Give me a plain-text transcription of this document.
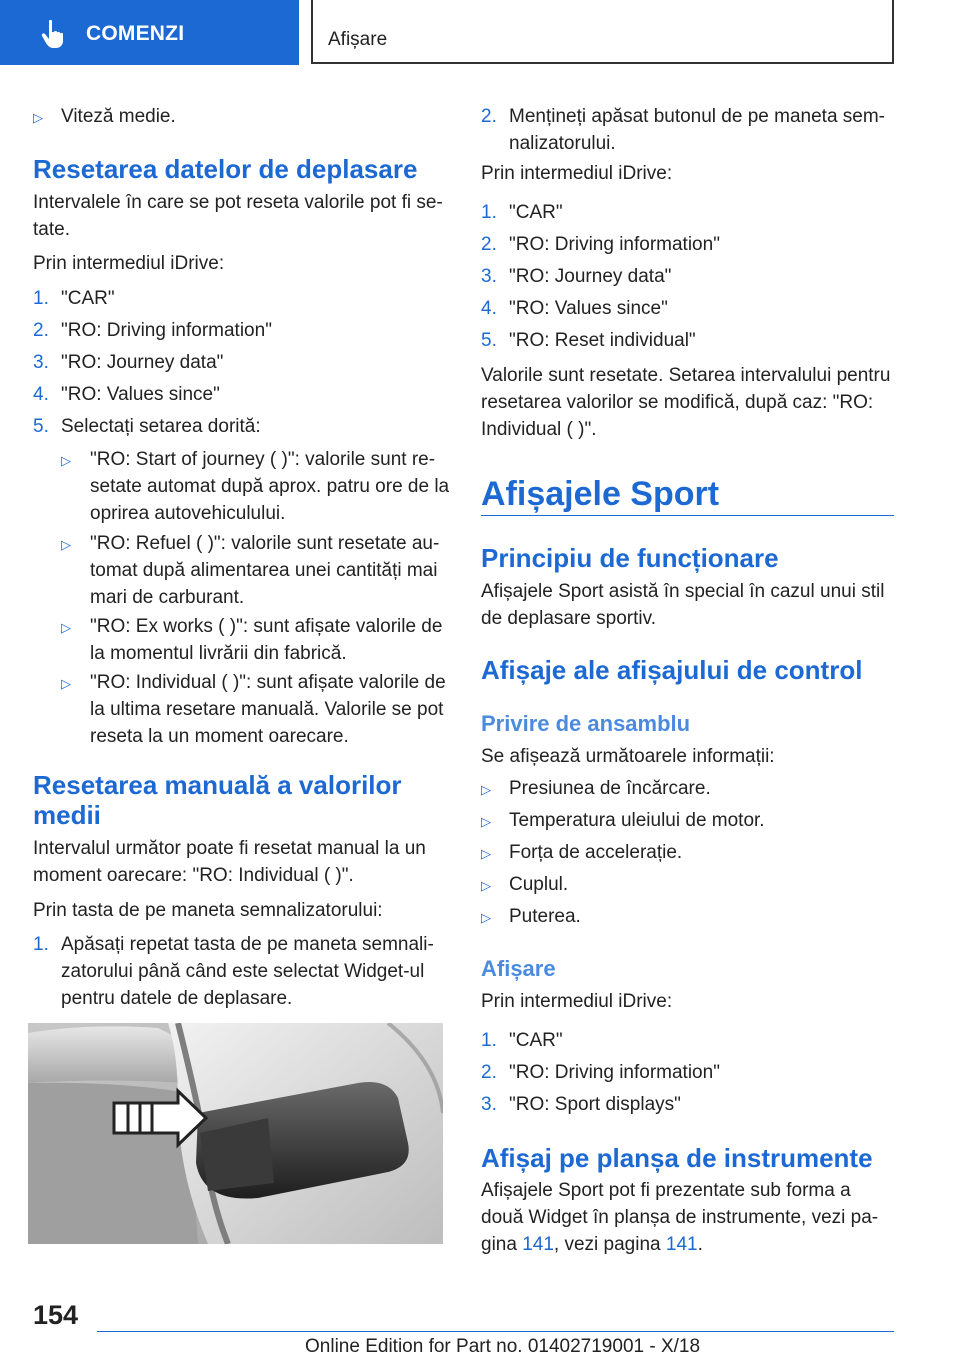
COMENZI	Afișare
▷ Viteză medie.
Resetarea datelor de deplasare

Intervalele în care se pot reseta valorile pot fi se‐

tate.

Prin intermediul iDrive:

1. "CAR"
2. "RO: Driving information"
3. "RO: Journey data"
4. "RO: Values since"
5. Selectați setarea dorită:
▷	"RO: Start of journey ( )": valorile sunt re‐
setate automat după aprox. patru ore de la
oprirea autovehiculului.
▷	"RO: Refuel ( )": valorile sunt resetate au‐
tomat după alimentarea unei cantități mai
mari de carburant.
▷	"RO: Ex works ( )": sunt afișate valorile de
la momentul livrării din fabrică.
▷	"RO: Individual ( )": sunt afișate valorile de
la ultima resetare manuală. Valorile se pot
reseta la un moment oarecare.
Resetarea manuală a valorilor
medii

Intervalul următor poate fi resetat manual la un

moment oarecare: "RO: Individual ( )".

Prin tasta de pe maneta semnalizatorului:

1. Apăsați repetat tasta de pe maneta semnali‐
zatorului până când este selectat Widget-ul
pentru datele de deplasare.
2. Mențineți apăsat butonul de pe maneta sem‐
nalizatorului.

Prin intermediul iDrive:

1. "CAR"
2. "RO: Driving information"
3. "RO: Journey data"
4. "RO: Values since"
5. "RO: Reset individual"

Valorile sunt resetate. Setarea intervalului pentru

resetarea valorilor se modifică, după caz: "RO:

Individual ( )".

Afișajele Sport
Principiu de funcționare

Afișajele Sport asistă în special în cazul unui stil

de deplasare sportiv.

Afișaje ale afișajului de control
Privire de ansamblu

Se afișează următoarele informații:

▷ Presiunea de încărcare.
▷ Temperatura uleiului de motor.
▷ Forța de accelerație.
▷ Cuplul.
▷ Puterea.
Afișare

Prin intermediul iDrive:

1. "CAR"
2. "RO: Driving information"
3. "RO: Sport displays"
Afișaj pe planșa de instrumente

Afișajele Sport pot fi prezentate sub forma a

două Widget în planșa de instrumente, vezi pa‐

gina 141, vezi pagina 141.

154
Online Edition for Part no. 01402719001 - X/18
